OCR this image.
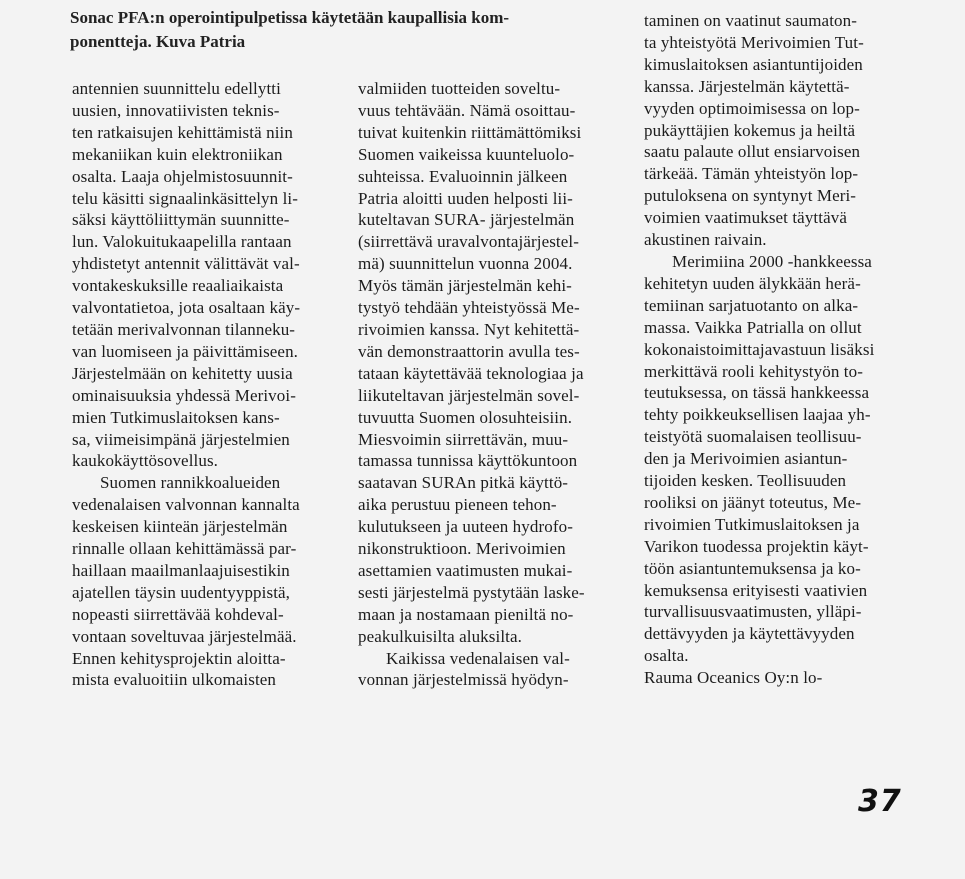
Sonac PFA:n operointipulpetissa käytetään kaupallisia kom-
ponentteja. Kuva Patria
antennien suunnittelu edellytti
uusien, innovatiivisten teknis-
ten ratkaisujen kehittämistä niin
mekaniikan kuin elektroniikan
osalta. Laaja ohjelmistosuunnit-
telu käsitti signaalinkäsittelyn li-
säksi käyttöliittymän suunnitte-
lun. Valokuitukaapelilla rantaan
yhdistetyt antennit välittävät val-
vontakeskuksille reaaliaikaista
valvontatietoa, jota osaltaan käy-
tetään merivalvonnan tilanneku-
van luomiseen ja päivittämiseen.
Järjestelmään on kehitetty uusia
ominaisuuksia yhdessä Merivoi-
mien Tutkimuslaitoksen kans-
sa, viimeisimpänä järjestelmien
kaukokäyttösovellus.
Suomen rannikkoalueiden
vedenalaisen valvonnan kannalta
keskeisen kiinteän järjestelmän
rinnalle ollaan kehittämässä par-
haillaan maailmanlaajuisestikin
ajatellen täysin uudentyyppistä,
nopeasti siirrettävää kohdeval-
vontaan soveltuvaa järjestelmää.
Ennen kehitysprojektin aloitta-
mista evaluoitiin ulkomaisten
valmiiden tuotteiden soveltu-
vuus tehtävään. Nämä osoittau-
tuivat kuitenkin riittämättömiksi
Suomen vaikeissa kuunteluolo-
suhteissa. Evaluoinnin jälkeen
Patria aloitti uuden helposti lii-
kuteltavan SURA- järjestelmän
(siirrettävä uravalvontajärjestel-
mä) suunnittelun vuonna 2004.
Myös tämän järjestelmän kehi-
tystyö tehdään yhteistyössä Me-
rivoimien kanssa. Nyt kehitettä-
vän demonstraattorin avulla tes-
tataan käytettävää teknologiaa ja
liikuteltavan järjestelmän sovel-
tuvuutta Suomen olosuhteisiin.
Miesvoimin siirrettävän, muu-
tamassa tunnissa käyttökuntoon
saatavan SURAn pitkä käyttö-
aika perustuu pieneen tehon-
kulutukseen ja uuteen hydrofo-
nikonstruktioon. Merivoimien
asettamien vaatimusten mukai-
sesti järjestelmä pystytään laske-
maan ja nostamaan pieniltä no-
peakulkuisilta aluksilta.
Kaikissa vedenalaisen val-
vonnan järjestelmissä hyödyn-
taminen on vaatinut saumaton-
ta yhteistyötä Merivoimien Tut-
kimuslaitoksen asiantuntijoiden
kanssa. Järjestelmän käytettä-
vyyden optimoimisessa on lop-
pukäyttäjien kokemus ja heiltä
saatu palaute ollut ensiarvoisen
tärkeää. Tämän yhteistyön lop-
putuloksena on syntynyt Meri-
voimien vaatimukset täyttävä
akustinen raivain.
Merimiina 2000 -hankkeessa
kehitetyn uuden älykkään herä-
temiinan sarjatuotanto on alka-
massa. Vaikka Patrialla on ollut
kokonaistoimittajavastuun lisäksi
merkittävä rooli kehitystyön to-
teutuksessa, on tässä hankkeessa
tehty poikkeuksellisen laajaa yh-
teistyötä suomalaisen teollisuu-
den ja Merivoimien asiantun-
tijoiden kesken. Teollisuuden
rooliksi on jäänyt toteutus, Me-
rivoimien Tutkimuslaitoksen ja
Varikon tuodessa projektin käyt-
töön asiantuntemuksensa ja ko-
kemuksensa erityisesti vaativien
turvallisuusvaatimusten, ylläpi-
dettävyyden ja käytettävyyden
osalta.
Rauma Oceanics Oy:n lo-
37
